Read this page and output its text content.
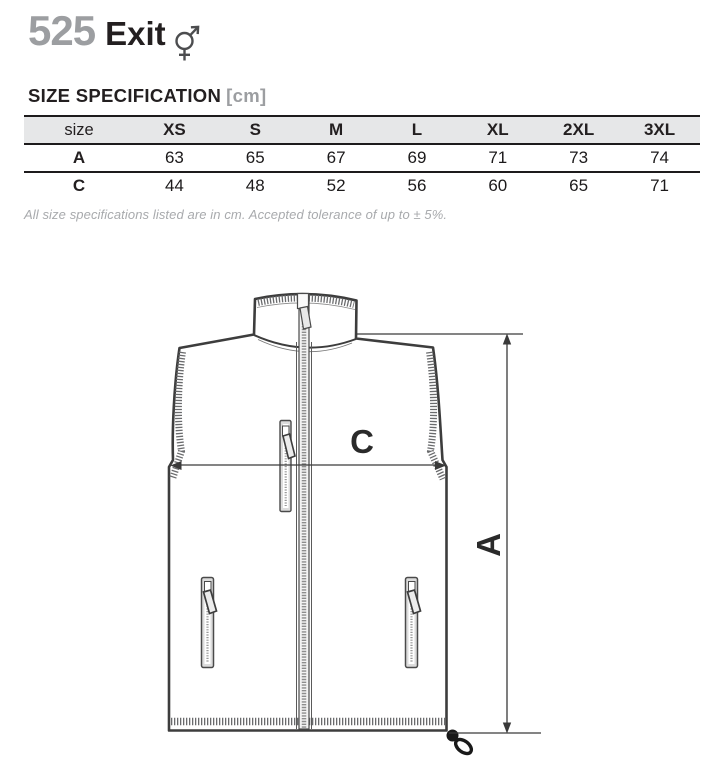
525 Exit
SIZE SPECIFICATION [cm]
size	XS	S	M	L	XL	2XL	3XL
A	63	65	67	69	71	73	74
C	44	48	52	56	60	65	71
All size specifications listed are in cm. Accepted tolerance of up to ± 5%.
C
A
